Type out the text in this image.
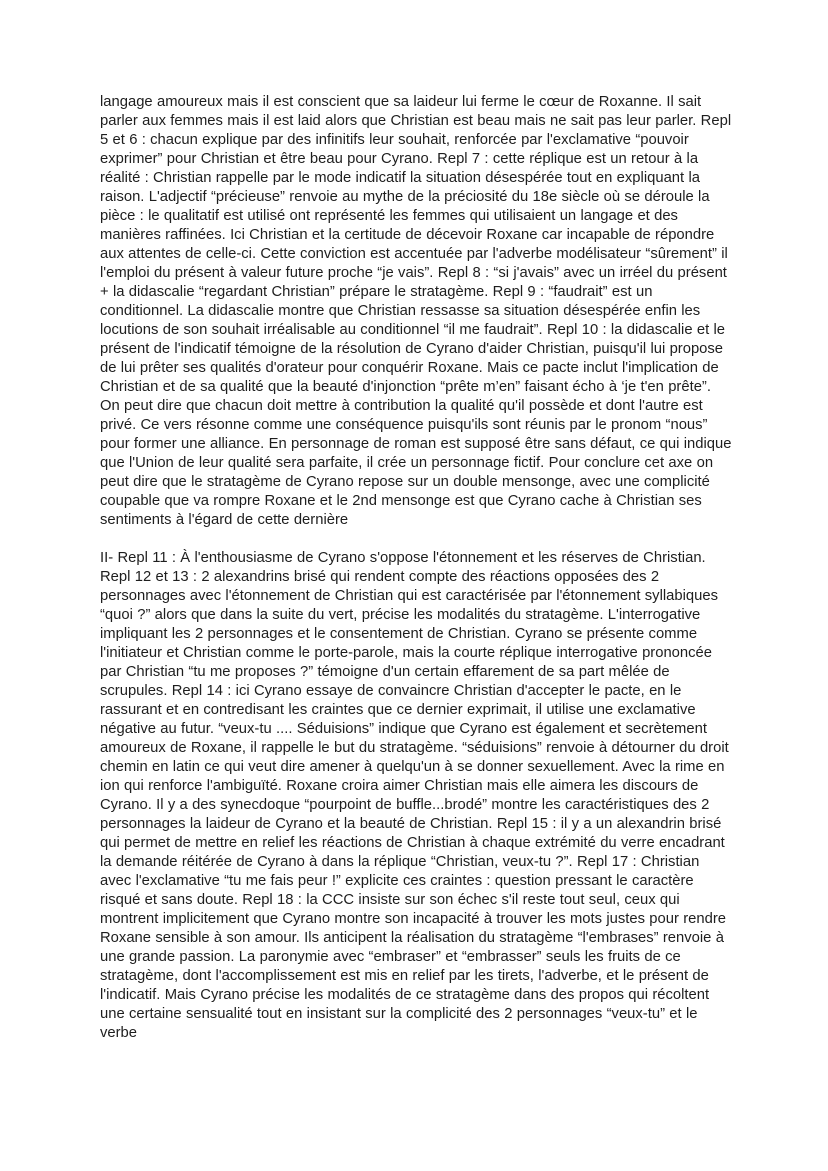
langage amoureux mais il est conscient que sa laideur lui ferme le cœur de Roxanne. Il sait parler aux femmes mais il est laid alors que Christian est beau mais ne sait pas leur parler. Repl 5 et 6 : chacun explique par des infinitifs leur souhait, renforcée par l'exclamative “pouvoir exprimer” pour Christian et être beau pour Cyrano. Repl 7 : cette réplique est un retour à la réalité : Christian rappelle par le mode indicatif la situation désespérée tout en expliquant la raison. L'adjectif “précieuse” renvoie au mythe de la préciosité du 18e siècle où se déroule la pièce : le qualitatif est utilisé ont représenté les femmes qui utilisaient un langage et des manières raffinées. Ici Christian et la certitude de décevoir Roxane car incapable de répondre aux attentes de celle-ci. Cette conviction est accentuée par l'adverbe modélisateur “sûrement” il l'emploi du présent à valeur future proche “je vais”. Repl 8 : “si j'avais” avec un irréel du présent + la didascalie “regardant Christian” prépare le stratagème. Repl 9 : “faudrait” est un conditionnel. La didascalie montre que Christian ressasse sa situation désespérée enfin les locutions de son souhait irréalisable au conditionnel “il me faudrait”. Repl 10 : la didascalie et le présent de l'indicatif témoigne de la résolution de Cyrano d'aider Christian, puisqu'il lui propose de lui prêter ses qualités d'orateur pour conquérir Roxane. Mais ce pacte inclut l'implication de Christian et de sa qualité que la beauté d'injonction “prête m’en” faisant écho à ‘je t'en prête”. On peut dire que chacun doit mettre à contribution la qualité qu'il possède et dont l'autre est privé. Ce vers résonne comme une conséquence puisqu'ils sont réunis par le pronom “nous” pour former une alliance. En personnage de roman est supposé être sans défaut, ce qui indique que l'Union de leur qualité sera parfaite, il crée un personnage fictif. Pour conclure cet axe on peut dire que le stratagème de Cyrano repose sur un double mensonge, avec une complicité coupable que va rompre Roxane et le 2nd mensonge est que Cyrano cache à Christian ses sentiments à l'égard de cette dernière

II- Repl 11 : À l'enthousiasme de Cyrano s'oppose l'étonnement et les réserves de Christian. Repl 12 et 13 : 2 alexandrins brisé qui rendent compte des réactions opposées des 2 personnages avec l'étonnement de Christian qui est caractérisée par l'étonnement syllabiques “quoi ?” alors que dans la suite du vert, précise les modalités du stratagème. L'interrogative impliquant les 2 personnages et le consentement de Christian. Cyrano se présente comme l'initiateur et Christian comme le porte-parole, mais la courte réplique interrogative prononcée par Christian “tu me proposes ?” témoigne d'un certain effarement de sa part mêlée de scrupules. Repl 14 : ici Cyrano essaye de convaincre Christian d'accepter le pacte, en le rassurant et en contredisant les craintes que ce dernier exprimait, il utilise une exclamative négative au futur. “veux-tu .... Séduisions” indique que Cyrano est également et secrètement amoureux de Roxane, il rappelle le but du stratagème. “séduisions” renvoie à détourner du droit chemin en latin ce qui veut dire amener à quelqu'un à se donner sexuellement. Avec la rime en ion qui renforce l'ambiguïté. Roxane croira aimer Christian mais elle aimera les discours de Cyrano. Il y a des synecdoque “pourpoint de buffle...brodé” montre les caractéristiques des 2 personnages la laideur de Cyrano et la beauté de Christian. Repl 15 : il y a un alexandrin brisé qui permet de mettre en relief les réactions de Christian à chaque extrémité du verre encadrant la demande réitérée de Cyrano à dans la réplique “Christian, veux-tu ?”. Repl 17 : Christian avec l'exclamative “tu me fais peur !” explicite ces craintes : question pressant le caractère risqué et sans doute. Repl 18 : la CCC insiste sur son échec s'il reste tout seul, ceux qui montrent implicitement que Cyrano montre son incapacité à trouver les mots justes pour rendre Roxane sensible à son amour. Ils anticipent la réalisation du stratagème “l'embrases” renvoie à une grande passion. La paronymie avec “embraser” et “embrasser” seuls les fruits de ce stratagème, dont l'accomplissement est mis en relief par les tirets, l'adverbe, et le présent de l'indicatif. Mais Cyrano précise les modalités de ce stratagème dans des propos qui récoltent une certaine sensualité tout en insistant sur la complicité des 2 personnages “veux-tu” et le verbe
